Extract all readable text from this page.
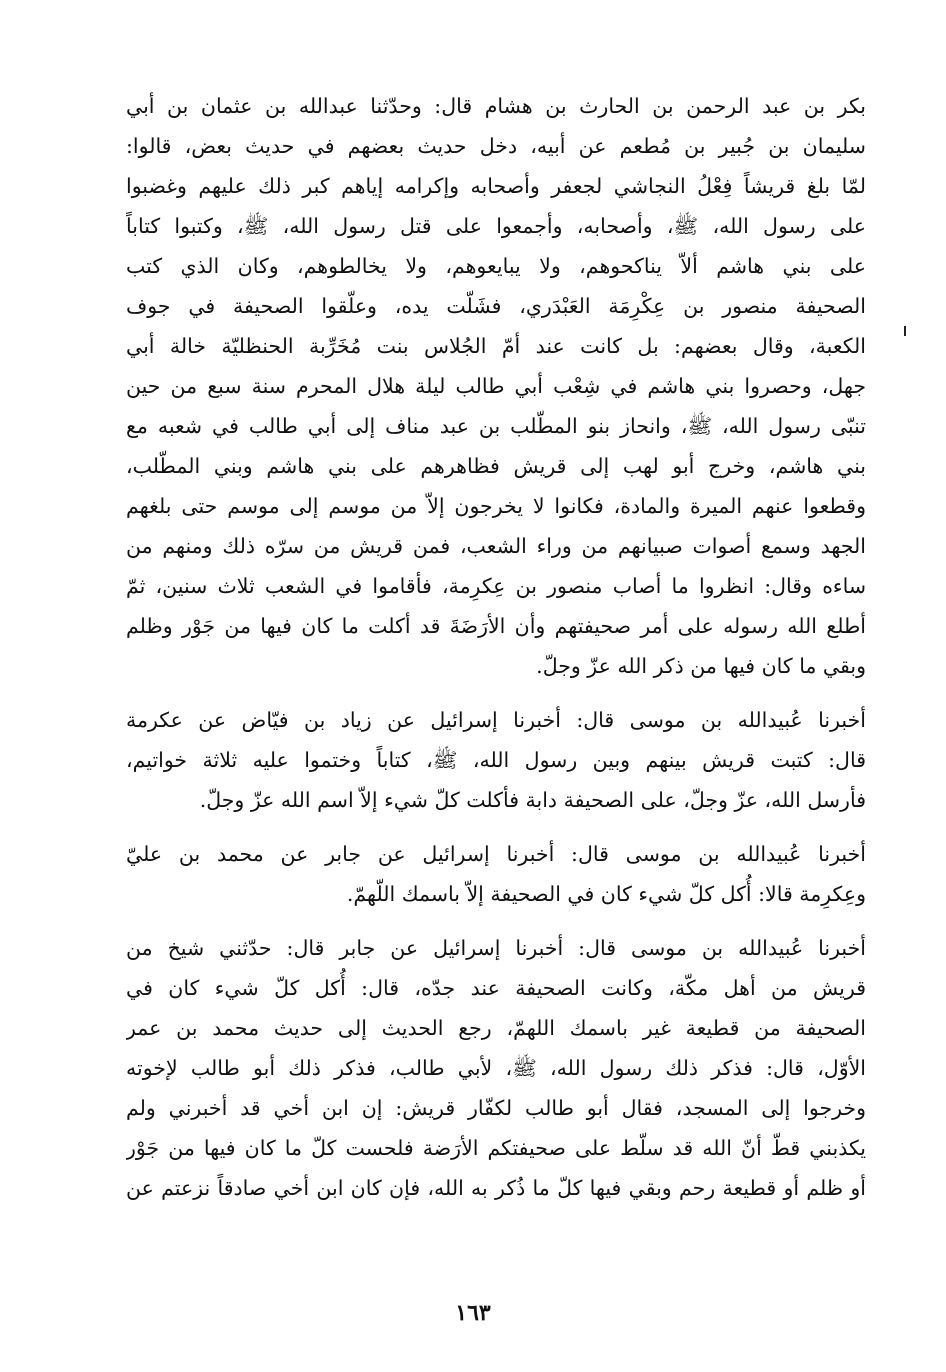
بكر بن عبد الرحمن بن الحارث بن هشام قال: وحدّثنا عبدالله بن عثمان بن أبي
سليمان بن جُبير بن مُطعم عن أبيه، دخل حديث بعضهم في حديث بعض، قالوا:
لمّا بلغ قريشاً فِعْلُ النجاشي لجعفر وأصحابه وإكرامه إياهم كبر ذلك عليهم وغضبوا
على رسول الله، ﷺ، وأصحابه، وأجمعوا على قتل رسول الله، ﷺ، وكتبوا كتاباً
على بني هاشم ألاّ يناكحوهم، ولا يبايعوهم، ولا يخالطوهم، وكان الذي كتب
الصحيفة منصور بن عِكْرِمَة العَبْدَري، فشَلّت يده، وعلّقوا الصحيفة في جوف
الكعبة، وقال بعضهم: بل كانت عند أمّ الجُلاس بنت مُخَرِّبة الحنظليّة خالة أبي
جهل، وحصروا بني هاشم في شِعْب أبي طالب ليلة هلال المحرم سنة سبع من حين
تنبّى رسول الله، ﷺ، وانحاز بنو المطّلب بن عبد مناف إلى أبي طالب في شعبه مع
بني هاشم، وخرج أبو لهب إلى قريش فظاهرهم على بني هاشم وبني المطّلب،
وقطعوا عنهم الميرة والمادة، فكانوا لا يخرجون إلاّ من موسم إلى موسم حتى بلغهم
الجهد وسمع أصوات صبيانهم من وراء الشعب، فمن قريش من سرّه ذلك ومنهم من
ساءه وقال: انظروا ما أصاب منصور بن عِكرِمة، فأقاموا في الشعب ثلاث سنين، ثمّ
أطلع الله رسوله على أمر صحيفتهم وأن الأرَضَةَ قد أكلت ما كان فيها من جَوْر وظلم
وبقي ما كان فيها من ذكر الله عزّ وجلّ.
أخبرنا عُبيدالله بن موسى قال: أخبرنا إسرائيل عن زياد بن فيّاض عن عكرمة
قال: كتبت قريش بينهم وبين رسول الله، ﷺ، كتاباً وختموا عليه ثلاثة خواتيم،
فأرسل الله، عزّ وجلّ، على الصحيفة دابة فأكلت كلّ شيء إلاّ اسم الله عزّ وجلّ.
أخبرنا عُبيدالله بن موسى قال: أخبرنا إسرائيل عن جابر عن محمد بن عليّ
وعِكرِمة قالا: أُكل كلّ شيء كان في الصحيفة إلاّ باسمك اللّهمّ.
أخبرنا عُبيدالله بن موسى قال: أخبرنا إسرائيل عن جابر قال: حدّثني شيخ من
قريش من أهل مكّة، وكانت الصحيفة عند جدّه، قال: أُكل كلّ شيء كان في
الصحيفة من قطيعة غير باسمك اللهمّ، رجع الحديث إلى حديث محمد بن عمر
الأوّل، قال: فذكر ذلك رسول الله، ﷺ، لأبي طالب، فذكر ذلك أبو طالب لإخوته
وخرجوا إلى المسجد، فقال أبو طالب لكفّار قريش: إن ابن أخي قد أخبرني ولم
يكذبني قطّ أنّ الله قد سلّط على صحيفتكم الأرَضة فلحست كلّ ما كان فيها من جَوْر
أو ظلم أو قطيعة رحم وبقي فيها كلّ ما ذُكر به الله، فإن كان ابن أخي صادقاً نزعتم عن
١٦٣
